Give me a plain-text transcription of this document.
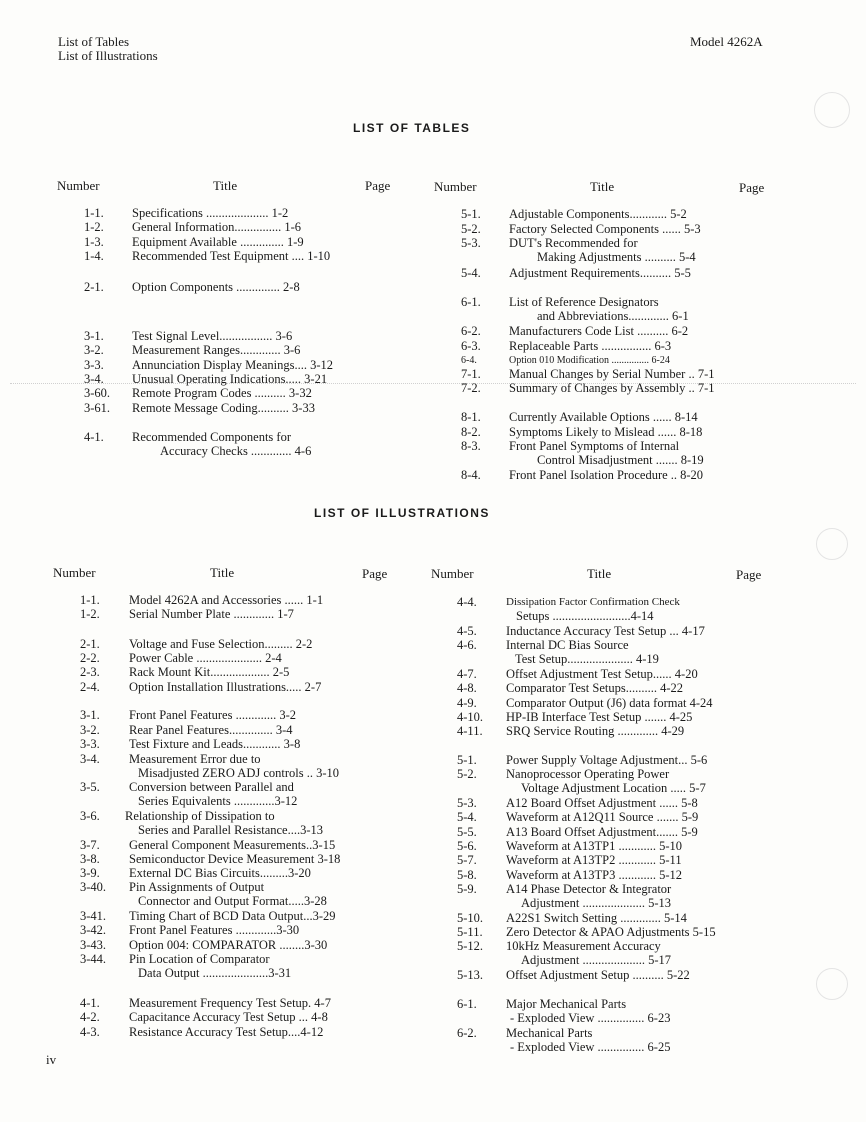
List of Tables
List of Illustrations
Model 4262A
LIST OF TABLES
Number	Title	Page	Number	Title	Page
1-1. Specifications .................... 1-2
1-2. General Information............... 1-6
1-3. Equipment Available .............. 1-9
1-4. Recommended Test Equipment .... 1-10
2-1. Option Components .............. 2-8
3-1. Test Signal Level................. 3-6
3-2. Measurement Ranges............. 3-6
3-3. Annunciation Display Meanings.... 3-12
3-4. Unusual Operating Indications..... 3-21
3-60. Remote Program Codes .......... 3-32
3-61. Remote Message Coding.......... 3-33
4-1. Recommended Components for
Accuracy Checks ............. 4-6
5-1. Adjustable Components............ 5-2
5-2. Factory Selected Components ...... 5-3
5-3. DUT's Recommended for
Making Adjustments .......... 5-4
5-4. Adjustment Requirements.......... 5-5
6-1. List of Reference Designators
and Abbreviations............. 6-1
6-2. Manufacturers Code List .......... 6-2
6-3. Replaceable Parts ................ 6-3
6-4.	Option 010 Modification ............... 6-24
7-1. Manual Changes by Serial Number .. 7-1
7-2. Summary of Changes by Assembly .. 7-1
8-1. Currently Available Options ...... 8-14
8-2. Symptoms Likely to Mislead ...... 8-18
8-3. Front Panel Symptoms of Internal
Control Misadjustment ....... 8-19
8-4. Front Panel Isolation Procedure .. 8-20
LIST OF ILLUSTRATIONS
Number	Title	Page	Number	Title	Page
1-1. Model 4262A and Accessories ...... 1-1
1-2. Serial Number Plate ............. 1-7
2-1. Voltage and Fuse Selection......... 2-2
2-2. Power Cable ..................... 2-4
2-3. Rack Mount Kit................... 2-5
2-4. Option Installation Illustrations..... 2-7
3-1. Front Panel Features ............. 3-2
3-2. Rear Panel Features.............. 3-4
3-3. Test Fixture and Leads............ 3-8
3-4. Measurement Error due to
Misadjusted ZERO ADJ controls .. 3-10
3-5. Conversion between Parallel and
Series Equivalents .............3-12
3-6. Relationship of Dissipation to
Series and Parallel Resistance....3-13
3-7. General Component Measurements..3-15
3-8. Semiconductor Device Measurement 3-18
3-9. External DC Bias Circuits.........3-20
3-40. Pin Assignments of Output
Connector and Output Format.....3-28
3-41. Timing Chart of BCD Data Output...3-29
3-42. Front Panel Features .............3-30
3-43. Option 004: COMPARATOR ........3-30
3-44. Pin Location of Comparator
Data Output .....................3-31
4-1. Measurement Frequency Test Setup. 4-7
4-2. Capacitance Accuracy Test Setup ... 4-8
4-3. Resistance Accuracy Test Setup....4-12
4-4.	Dissipation Factor Confirmation Check
Setups .........................4-14
4-5. Inductance Accuracy Test Setup ... 4-17
4-6. Internal DC Bias Source
Test Setup..................... 4-19
4-7. Offset Adjustment Test Setup...... 4-20
4-8. Comparator Test Setups.......... 4-22
4-9. Comparator Output (J6) data format 4-24
4-10. HP-IB Interface Test Setup ....... 4-25
4-11. SRQ Service Routing ............. 4-29
5-1. Power Supply Voltage Adjustment... 5-6
5-2. Nanoprocessor Operating Power
Voltage Adjustment Location ..... 5-7
5-3. A12 Board Offset Adjustment ...... 5-8
5-4. Waveform at A12Q11 Source ....... 5-9
5-5. A13 Board Offset Adjustment....... 5-9
5-6. Waveform at A13TP1 ............ 5-10
5-7. Waveform at A13TP2 ............ 5-11
5-8. Waveform at A13TP3 ............ 5-12
5-9. A14 Phase Detector & Integrator
Adjustment .................... 5-13
5-10. A22S1 Switch Setting ............. 5-14
5-11. Zero Detector & APAO Adjustments 5-15
5-12. 10kHz Measurement Accuracy
Adjustment .................... 5-17
5-13. Offset Adjustment Setup .......... 5-22
6-1. Major Mechanical Parts
- Exploded View ............... 6-23
6-2. Mechanical Parts
- Exploded View ............... 6-25
iv
